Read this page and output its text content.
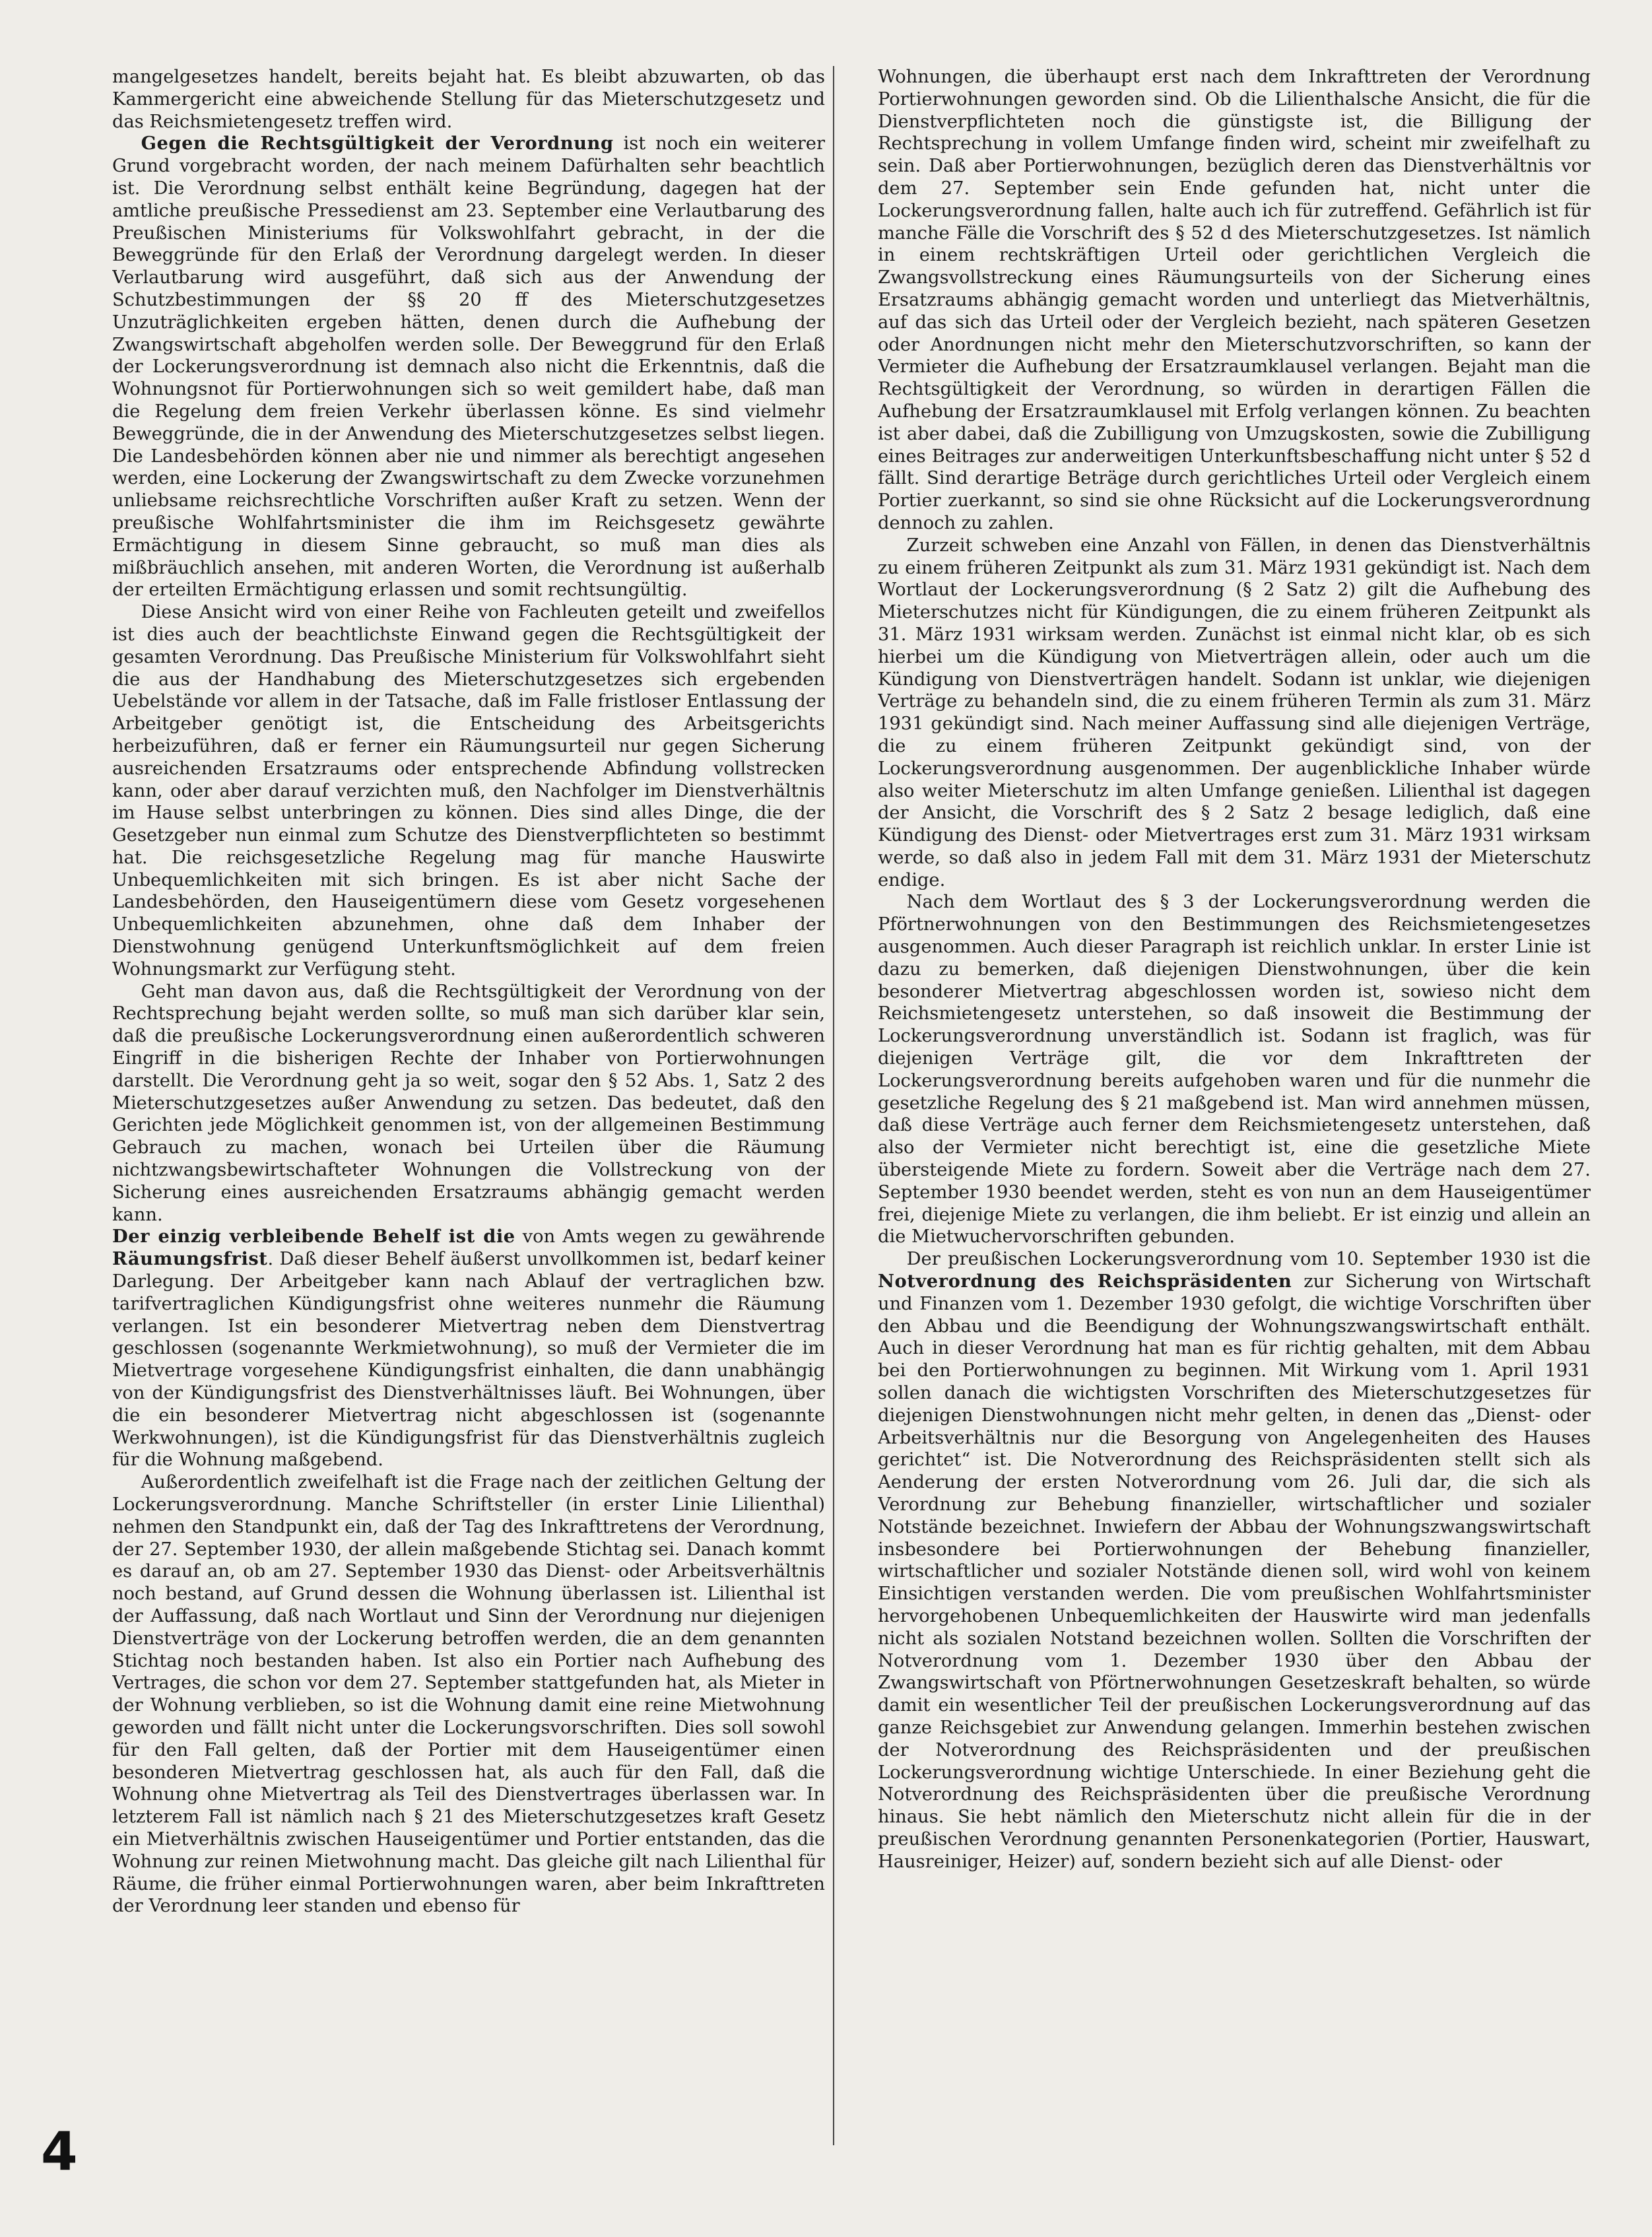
mangelgesetzes handelt, bereits bejaht hat. Es bleibt abzuwarten, ob das Kammergericht eine abweichende Stellung für das Mieterschutzgesetz und das Reichsmietengesetz treffen wird.

Gegen die Rechtsgültigkeit der Verordnung ist noch ein weiterer Grund vorgebracht worden, der nach meinem Dafürhalten sehr beachtlich ist. Die Verordnung selbst enthält keine Begründung, dagegen hat der amtliche preußische Pressedienst am 23. September eine Verlautbarung des Preußischen Ministeriums für Volkswohlfahrt gebracht, in der die Beweggründe für den Erlaß der Verordnung dargelegt werden. In dieser Verlautbarung wird ausgeführt, daß sich aus der Anwendung der Schutzbestimmungen der §§ 20 ff des Mieterschutzgesetzes Unzuträglichkeiten ergeben hätten, denen durch die Aufhebung der Zwangswirtschaft abgeholfen werden solle. Der Beweggrund für den Erlaß der Lockerungsverordnung ist demnach also nicht die Erkenntnis, daß die Wohnungsnot für Portierwohnungen sich so weit gemildert habe, daß man die Regelung dem freien Verkehr überlassen könne. Es sind vielmehr Beweggründe, die in der Anwendung des Mieterschutzgesetzes selbst liegen. Die Landesbehörden können aber nie und nimmer als berechtigt angesehen werden, eine Lockerung der Zwangswirtschaft zu dem Zwecke vorzunehmen unliebsame reichsrechtliche Vorschriften außer Kraft zu setzen. Wenn der preußische Wohlfahrtsminister die ihm im Reichsgesetz gewährte Ermächtigung in diesem Sinne gebraucht, so muß man dies als mißbräuchlich ansehen, mit anderen Worten, die Verordnung ist außerhalb der erteilten Ermächtigung erlassen und somit rechtsungültig.

Diese Ansicht wird von einer Reihe von Fachleuten geteilt und zweifellos ist dies auch der beachtlichste Einwand gegen die Rechtsgültigkeit der gesamten Verordnung. Das Preußische Ministerium für Volkswohlfahrt sieht die aus der Handhabung des Mieterschutzgesetzes sich ergebenden Uebelstände vor allem in der Tatsache, daß im Falle fristloser Entlassung der Arbeitgeber genötigt ist, die Entscheidung des Arbeitsgerichts herbeizuführen, daß er ferner ein Räumungsurteil nur gegen Sicherung ausreichenden Ersatzraums oder entsprechende Abfindung vollstrecken kann, oder aber darauf verzichten muß, den Nachfolger im Dienstverhältnis im Hause selbst unterbringen zu können. Dies sind alles Dinge, die der Gesetzgeber nun einmal zum Schutze des Dienstverpflichteten so bestimmt hat. Die reichsgesetzliche Regelung mag für manche Hauswirte Unbequemlichkeiten mit sich bringen. Es ist aber nicht Sache der Landesbehörden, den Hauseigentümern diese vom Gesetz vorgesehenen Unbequemlichkeiten abzunehmen, ohne daß dem Inhaber der Dienstwohnung genügend Unterkunftsmöglichkeit auf dem freien Wohnungsmarkt zur Verfügung steht.

Geht man davon aus, daß die Rechtsgültigkeit der Verordnung von der Rechtsprechung bejaht werden sollte, so muß man sich darüber klar sein, daß die preußische Lockerungsverordnung einen außerordentlich schweren Eingriff in die bisherigen Rechte der Inhaber von Portierwohnungen darstellt. Die Verordnung geht ja so weit, sogar den § 52 Abs. 1, Satz 2 des Mieterschutzgesetzes außer Anwendung zu setzen. Das bedeutet, daß den Gerichten jede Möglichkeit genommen ist, von der allgemeinen Bestimmung Gebrauch zu machen, wonach bei Urteilen über die Räumung nichtzwangsbewirtschafteter Wohnungen die Vollstreckung von der Sicherung eines ausreichenden Ersatzraums abhängig gemacht werden kann.

Der einzig verbleibende Behelf ist die von Amts wegen zu gewährende Räumungsfrist. Daß dieser Behelf äußerst unvollkommen ist, bedarf keiner Darlegung. Der Arbeitgeber kann nach Ablauf der vertraglichen bzw. tarifvertraglichen Kündigungsfrist ohne weiteres nunmehr die Räumung verlangen. Ist ein besonderer Mietvertrag neben dem Dienstvertrag geschlossen (sogenannte Werkmietwohnung), so muß der Vermieter die im Mietvertrage vorgesehene Kündigungsfrist einhalten, die dann unabhängig von der Kündigungsfrist des Dienstverhältnisses läuft. Bei Wohnungen, über die ein besonderer Mietvertrag nicht abgeschlossen ist (sogenannte Werkwohnungen), ist die Kündigungsfrist für das Dienstverhältnis zugleich für die Wohnung maßgebend.

Außerordentlich zweifelhaft ist die Frage nach der zeitlichen Geltung der Lockerungsverordnung. Manche Schriftsteller (in erster Linie Lilienthal) nehmen den Standpunkt ein, daß der Tag des Inkrafttretens der Verordnung, der 27. September 1930, der allein maßgebende Stichtag sei. Danach kommt es darauf an, ob am 27. September 1930 das Dienst- oder Arbeitsverhältnis noch bestand, auf Grund dessen die Wohnung überlassen ist. Lilienthal ist der Auffassung, daß nach Wortlaut und Sinn der Verordnung nur diejenigen Dienstverträge von der Lockerung betroffen werden, die an dem genannten Stichtag noch bestanden haben. Ist also ein Portier nach Aufhebung des Vertrages, die schon vor dem 27. September stattgefunden hat, als Mieter in der Wohnung verblieben, so ist die Wohnung damit eine reine Mietwohnung geworden und fällt nicht unter die Lockerungsvorschriften. Dies soll sowohl für den Fall gelten, daß der Portier mit dem Hauseigentümer einen besonderen Mietvertrag geschlossen hat, als auch für den Fall, daß die Wohnung ohne Mietvertrag als Teil des Dienstvertrages überlassen war. In letzterem Fall ist nämlich nach § 21 des Mieterschutzgesetzes kraft Gesetz ein Mietverhältnis zwischen Hauseigentümer und Portier entstanden, das die Wohnung zur reinen Mietwohnung macht. Das gleiche gilt nach Lilienthal für Räume, die früher einmal Portierwohnungen waren, aber beim Inkrafttreten der Verordnung leer standen und ebenso für

Wohnungen, die überhaupt erst nach dem Inkrafttreten der Verordnung Portierwohnungen geworden sind. Ob die Lilienthalsche Ansicht, die für die Dienstverpflichteten noch die günstigste ist, die Billigung der Rechtsprechung in vollem Umfange finden wird, scheint mir zweifelhaft zu sein. Daß aber Portierwohnungen, bezüglich deren das Dienstverhältnis vor dem 27. September sein Ende gefunden hat, nicht unter die Lockerungsverordnung fallen, halte auch ich für zutreffend. Gefährlich ist für manche Fälle die Vorschrift des § 52 d des Mieterschutzgesetzes. Ist nämlich in einem rechtskräftigen Urteil oder gerichtlichen Vergleich die Zwangsvollstreckung eines Räumungsurteils von der Sicherung eines Ersatzraums abhängig gemacht worden und unterliegt das Mietverhältnis, auf das sich das Urteil oder der Vergleich bezieht, nach späteren Gesetzen oder Anordnungen nicht mehr den Mieterschutzvorschriften, so kann der Vermieter die Aufhebung der Ersatzraumklausel verlangen. Bejaht man die Rechtsgültigkeit der Verordnung, so würden in derartigen Fällen die Aufhebung der Ersatzraumklausel mit Erfolg verlangen können. Zu beachten ist aber dabei, daß die Zubilligung von Umzugskosten, sowie die Zubilligung eines Beitrages zur anderweitigen Unterkunftsbeschaffung nicht unter § 52 d fällt. Sind derartige Beträge durch gerichtliches Urteil oder Vergleich einem Portier zuerkannt, so sind sie ohne Rücksicht auf die Lockerungsverordnung dennoch zu zahlen.

Zurzeit schweben eine Anzahl von Fällen, in denen das Dienstverhältnis zu einem früheren Zeitpunkt als zum 31. März 1931 gekündigt ist. Nach dem Wortlaut der Lockerungsverordnung (§ 2 Satz 2) gilt die Aufhebung des Mieterschutzes nicht für Kündigungen, die zu einem früheren Zeitpunkt als 31. März 1931 wirksam werden. Zunächst ist einmal nicht klar, ob es sich hierbei um die Kündigung von Mietverträgen allein, oder auch um die Kündigung von Dienstverträgen handelt. Sodann ist unklar, wie diejenigen Verträge zu behandeln sind, die zu einem früheren Termin als zum 31. März 1931 gekündigt sind. Nach meiner Auffassung sind alle diejenigen Verträge, die zu einem früheren Zeitpunkt gekündigt sind, von der Lockerungsverordnung ausgenommen. Der augenblickliche Inhaber würde also weiter Mieterschutz im alten Umfange genießen. Lilienthal ist dagegen der Ansicht, die Vorschrift des § 2 Satz 2 besage lediglich, daß eine Kündigung des Dienst- oder Mietvertrages erst zum 31. März 1931 wirksam werde, so daß also in jedem Fall mit dem 31. März 1931 der Mieterschutz endige.

Nach dem Wortlaut des § 3 der Lockerungsverordnung werden die Pförtnerwohnungen von den Bestimmungen des Reichsmietengesetzes ausgenommen. Auch dieser Paragraph ist reichlich unklar. In erster Linie ist dazu zu bemerken, daß diejenigen Dienstwohnungen, über die kein besonderer Mietvertrag abgeschlossen worden ist, sowieso nicht dem Reichsmietengesetz unterstehen, so daß insoweit die Bestimmung der Lockerungsverordnung unverständlich ist. Sodann ist fraglich, was für diejenigen Verträge gilt, die vor dem Inkrafttreten der Lockerungsverordnung bereits aufgehoben waren und für die nunmehr die gesetzliche Regelung des § 21 maßgebend ist. Man wird annehmen müssen, daß diese Verträge auch ferner dem Reichsmietengesetz unterstehen, daß also der Vermieter nicht berechtigt ist, eine die gesetzliche Miete übersteigende Miete zu fordern. Soweit aber die Verträge nach dem 27. September 1930 beendet werden, steht es von nun an dem Hauseigentümer frei, diejenige Miete zu verlangen, die ihm beliebt. Er ist einzig und allein an die Mietwuchervorschriften gebunden.

Der preußischen Lockerungsverordnung vom 10. September 1930 ist die Notverordnung des Reichspräsidenten zur Sicherung von Wirtschaft und Finanzen vom 1. Dezember 1930 gefolgt, die wichtige Vorschriften über den Abbau und die Beendigung der Wohnungszwangswirtschaft enthält. Auch in dieser Verordnung hat man es für richtig gehalten, mit dem Abbau bei den Portierwohnungen zu beginnen. Mit Wirkung vom 1. April 1931 sollen danach die wichtigsten Vorschriften des Mieterschutzgesetzes für diejenigen Dienstwohnungen nicht mehr gelten, in denen das „Dienst- oder Arbeitsverhältnis nur die Besorgung von Angelegenheiten des Hauses gerichtet“ ist. Die Notverordnung des Reichspräsidenten stellt sich als Aenderung der ersten Notverordnung vom 26. Juli dar, die sich als Verordnung zur Behebung finanzieller, wirtschaftlicher und sozialer Notstände bezeichnet. Inwiefern der Abbau der Wohnungszwangswirtschaft insbesondere bei Portierwohnungen der Behebung finanzieller, wirtschaftlicher und sozialer Notstände dienen soll, wird wohl von keinem Einsichtigen verstanden werden. Die vom preußischen Wohlfahrtsminister hervorgehobenen Unbequemlichkeiten der Hauswirte wird man jedenfalls nicht als sozialen Notstand bezeichnen wollen. Sollten die Vorschriften der Notverordnung vom 1. Dezember 1930 über den Abbau der Zwangswirtschaft von Pförtnerwohnungen Gesetzeskraft behalten, so würde damit ein wesentlicher Teil der preußischen Lockerungsverordnung auf das ganze Reichsgebiet zur Anwendung gelangen. Immerhin bestehen zwischen der Notverordnung des Reichspräsidenten und der preußischen Lockerungsverordnung wichtige Unterschiede. In einer Beziehung geht die Notverordnung des Reichspräsidenten über die preußische Verordnung hinaus. Sie hebt nämlich den Mieterschutz nicht allein für die in der preußischen Verordnung genannten Personenkategorien (Portier, Hauswart, Hausreiniger, Heizer) auf, sondern bezieht sich auf alle Dienst- oder

4
